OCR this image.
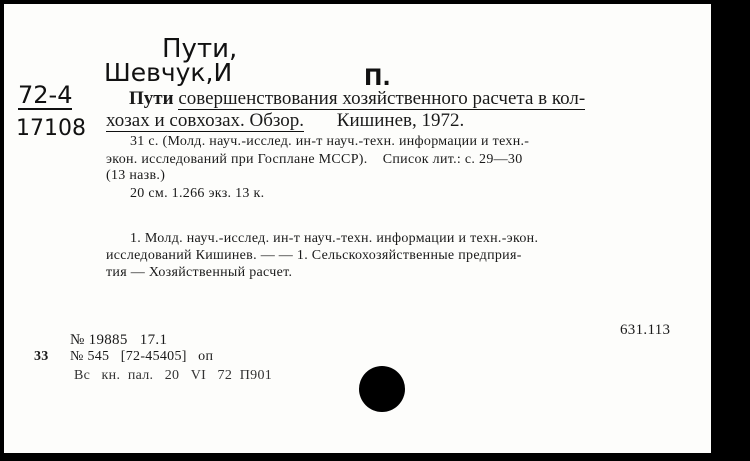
Пути,
Шевчук,И	П.
72-4
17108
Пути совершенствования хозяйственного расчета в кол-
хозах и совхозах. Обзор. Кишинев, 1972.
31 с. (Молд. науч.-исслед. ин-т науч.-техн. информации и техн.-
экон. исследований при Госплане МССР).    Список лит.: с. 29—30
(13 назв.)
20 см. 1.266 экз. 13 к.
1. Молд. науч.-исслед. ин-т науч.-техн. информации и техн.-экон.
исследований Кишинев. — — 1. Сельскохозяйственные предприя-
тия — Хозяйственный расчет.
№ 19885   17.1
631.113
33 № 545   [72-45405]   оп
Вс   кн.  пал.   20   VI   72  П901
